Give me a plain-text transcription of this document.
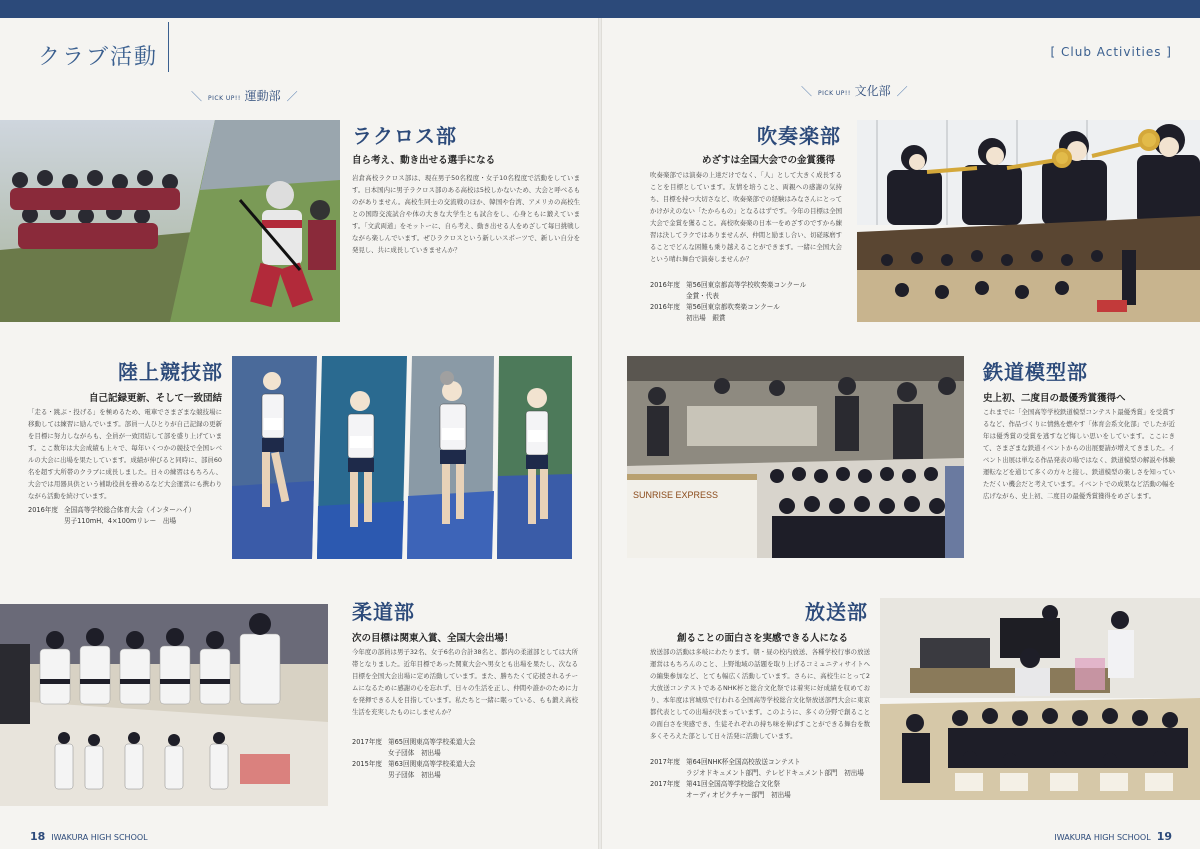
クラブ活動	[ Club Activities ]
＼ PICK UP!! 運動部 ／	＼ PICK UP!! 文化部 ／
ラクロス部
自ら考え、動き出せる選手になる
岩倉高校ラクロス部は、現在男子50名程度・女子10名程度で活動をしています。日本国内に男子ラクロス部のある高校は5校しかないため、大会と呼べるものがありません。高校生同士の交流戦のほか、韓国や台湾、アメリカの高校生との国際交流試合や体の大きな大学生とも試合をし、心身ともに鍛えています。「文武両道」をモットーに、自ら考え、動き出せる人をめざして毎日挑戦しながら楽しんでいます。ぜひラクロスという新しいスポーツで、新しい自分を発見し、共に成長していきませんか？
吹奏楽部
めざすは全国大会での金賞獲得
吹奏楽部では演奏の上達だけでなく、「人」として大きく成長することを目標としています。友情を培うこと、両親への感謝の気持ち、目標を持つ大切さなど、吹奏楽部での経験はみなさんにとってかけがえのない「たからもの」となるはずです。今年の目標は全国大会で金賞を獲ること。高校吹奏楽の日本一をめざすのですから練習は決してラクではありませんが、仲間と励まし合い、切磋琢磨することでどんな困難も乗り越えることができます。一緒に全国大会という晴れ舞台で演奏しませんか？
2016年度 第56回東京都高等学校吹奏楽コンクール
金賞・代表
2016年度 第56回東京都吹奏楽コンクール
初出場　銀賞
陸上競技部
自己記録更新、そして一致団結
「走る・跳ぶ・投げる」を極めるため、電車でさまざまな競技場に移動しては練習に励んでいます。部員一人ひとりが自己記録の更新を目標に努力しながらも、全員が一致団結して部を盛り上げています。ここ数年は大会成績も上々で、毎年いくつかの競技で全国レベルの大会に出場を果たしています。成績が伸びると同時に、部員60名を超す大所帯のクラブに成長しました。日々の練習はもちろん、大会では用器具供という補助役員を務めるなど大会運営にも携わりながら活動を続けています。
2016年度 全国高等学校総合体育大会（インターハイ）
男子110mH、4×100mリレー　出場
SUNRISE EXPRESS
鉄道模型部
史上初、二度目の最優秀賞獲得へ
これまでに「全国高等学校鉄道模型コンテスト最優秀賞」を受賞するなど、作品づくりに情熱を燃やす「体育会系文化部」でしたが近年は優秀賞の受賞を逃すなど悔しい思いをしています。ここにきて、さまざまな鉄道イベントからの出展要請が増えてきました。イベント出展は単なる作品発表の場ではなく、鉄道模型の解説や体験運転などを通じて多くの方々と接し、鉄道模型の楽しさを知っていただくい機会だと考えています。イベントでの成果など活動の幅を広げながら、史上初、二度目の最優秀賞獲得をめざします。
柔道部
次の目標は関東入賞、全国大会出場！
今年度の部員は男子32名、女子6名の合計38名と、都内の柔道部としては大所帯となりました。近年目標であった関東大会へ男女とも出場を果たし、次なる目標を全国大会出場に定め活動しています。また、勝ちたくて応援されるチームになるために感謝の心を忘れず、日々の生活を正し、仲間や誰かのために力を発揮できる人を目指しています。私たちと一緒に眠っている、もも鍛え高校生活を充実したものにしませんか？
2017年度 第65回関東高等学校柔道大会
女子団体　初出場
2015年度 第63回関東高等学校柔道大会
男子団体　初出場
放送部
創ることの面白さを実感できる人になる
放送部の活動は多岐にわたります。朝・昼の校内放送、各種学校行事の放送運営はもちろんのこと、上野地域の話題を取り上げるコミュニティサイトへの編集参加など、とても幅広く活動しています。さらに、高校生にとって2大放送コンテストであるNHK杯と総合文化祭では着実に好成績を収めており、本年度は宮城県で行われる全国高等学校総合文化祭放送部門大会に東京都代表としての出場が決まっています。このように、多くの分野で創ることの面白さを実感でき、生徒それぞれの持ち味を伸ばすことができる舞台を数多くそろえた部として日々活発に活動しています。
2017年度 第64回NHK杯全国高校放送コンテスト
ラジオドキュメント部門、テレビドキュメント部門　初出場
2017年度 第41回全国高等学校総合文化祭
オーディオピクチャー部門　初出場
18 IWAKURA HIGH SCHOOL	IWAKURA HIGH SCHOOL 19
